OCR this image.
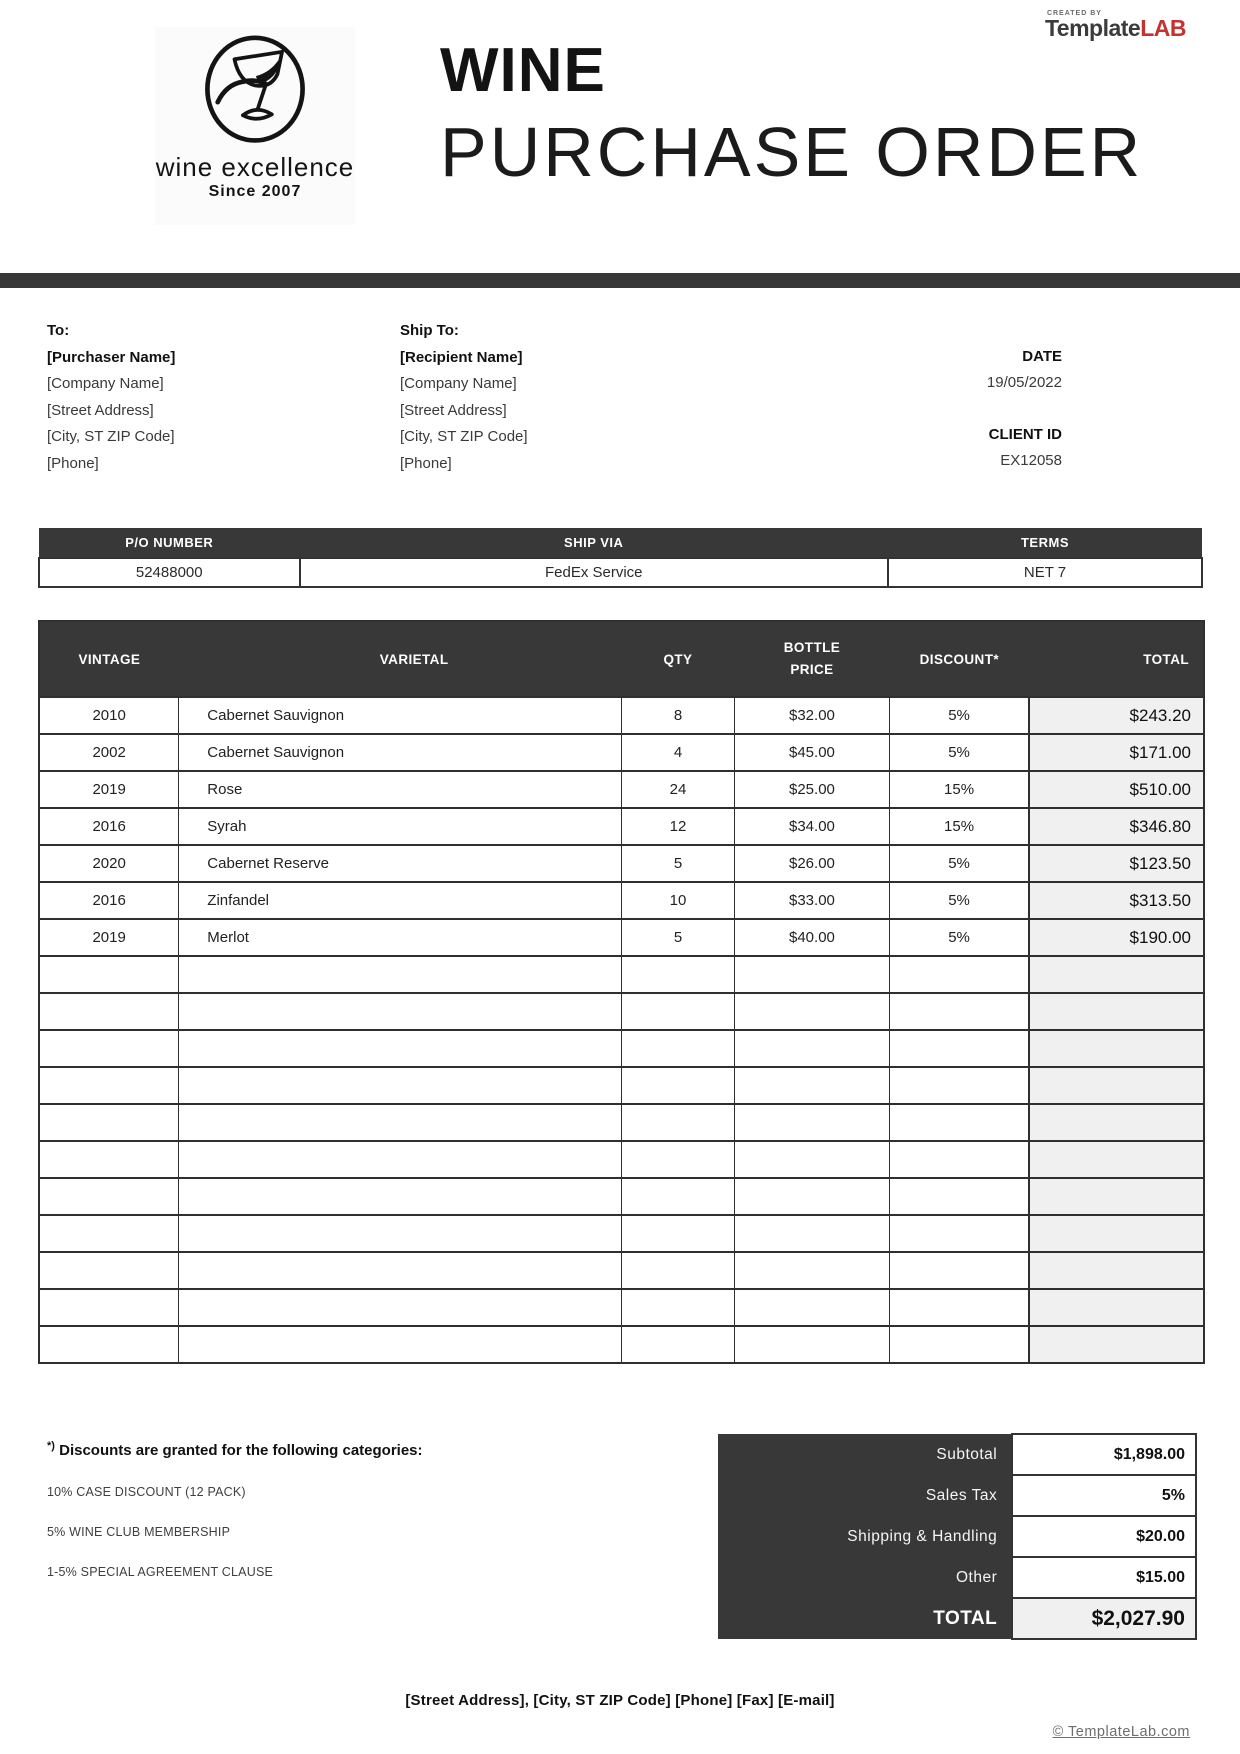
wine excellence
Since 2007
WINE
PURCHASE ORDER
CREATED BY
TemplateLAB

To:

[Purchaser Name]

[Company Name]

[Street Address]

[City, ST ZIP Code]

[Phone]

Ship To:

[Recipient Name]

[Company Name]

[Street Address]

[City, ST ZIP Code]

[Phone]

DATE
19/05/2022
CLIENT ID
EX12058
P/O NUMBER	SHIP VIA	TERMS
52488000	FedEx Service	NET 7
VINTAGE	VARIETAL	QTY	BOTTLE PRICE	DISCOUNT*	TOTAL
2010	Cabernet Sauvignon	8	$32.00	5%	$243.20
2002	Cabernet Sauvignon	4	$45.00	5%	$171.00
2019	Rose	24	$25.00	15%	$510.00
2016	Syrah	12	$34.00	15%	$346.80
2020	Cabernet Reserve	5	$26.00	5%	$123.50
2016	Zinfandel	10	$33.00	5%	$313.50
2019	Merlot	5	$40.00	5%	$190.00

*) Discounts are granted for the following categories:
10% CASE DISCOUNT (12 PACK)
5% WINE CLUB MEMBERSHIP
1-5% SPECIAL AGREEMENT CLAUSE
Subtotal	$1,898.00
Sales Tax	5%
Shipping & Handling	$20.00
Other	$15.00
TOTAL	$2,027.90
[Street Address], [City, ST ZIP Code] [Phone] [Fax] [E-mail]
© TemplateLab.com
